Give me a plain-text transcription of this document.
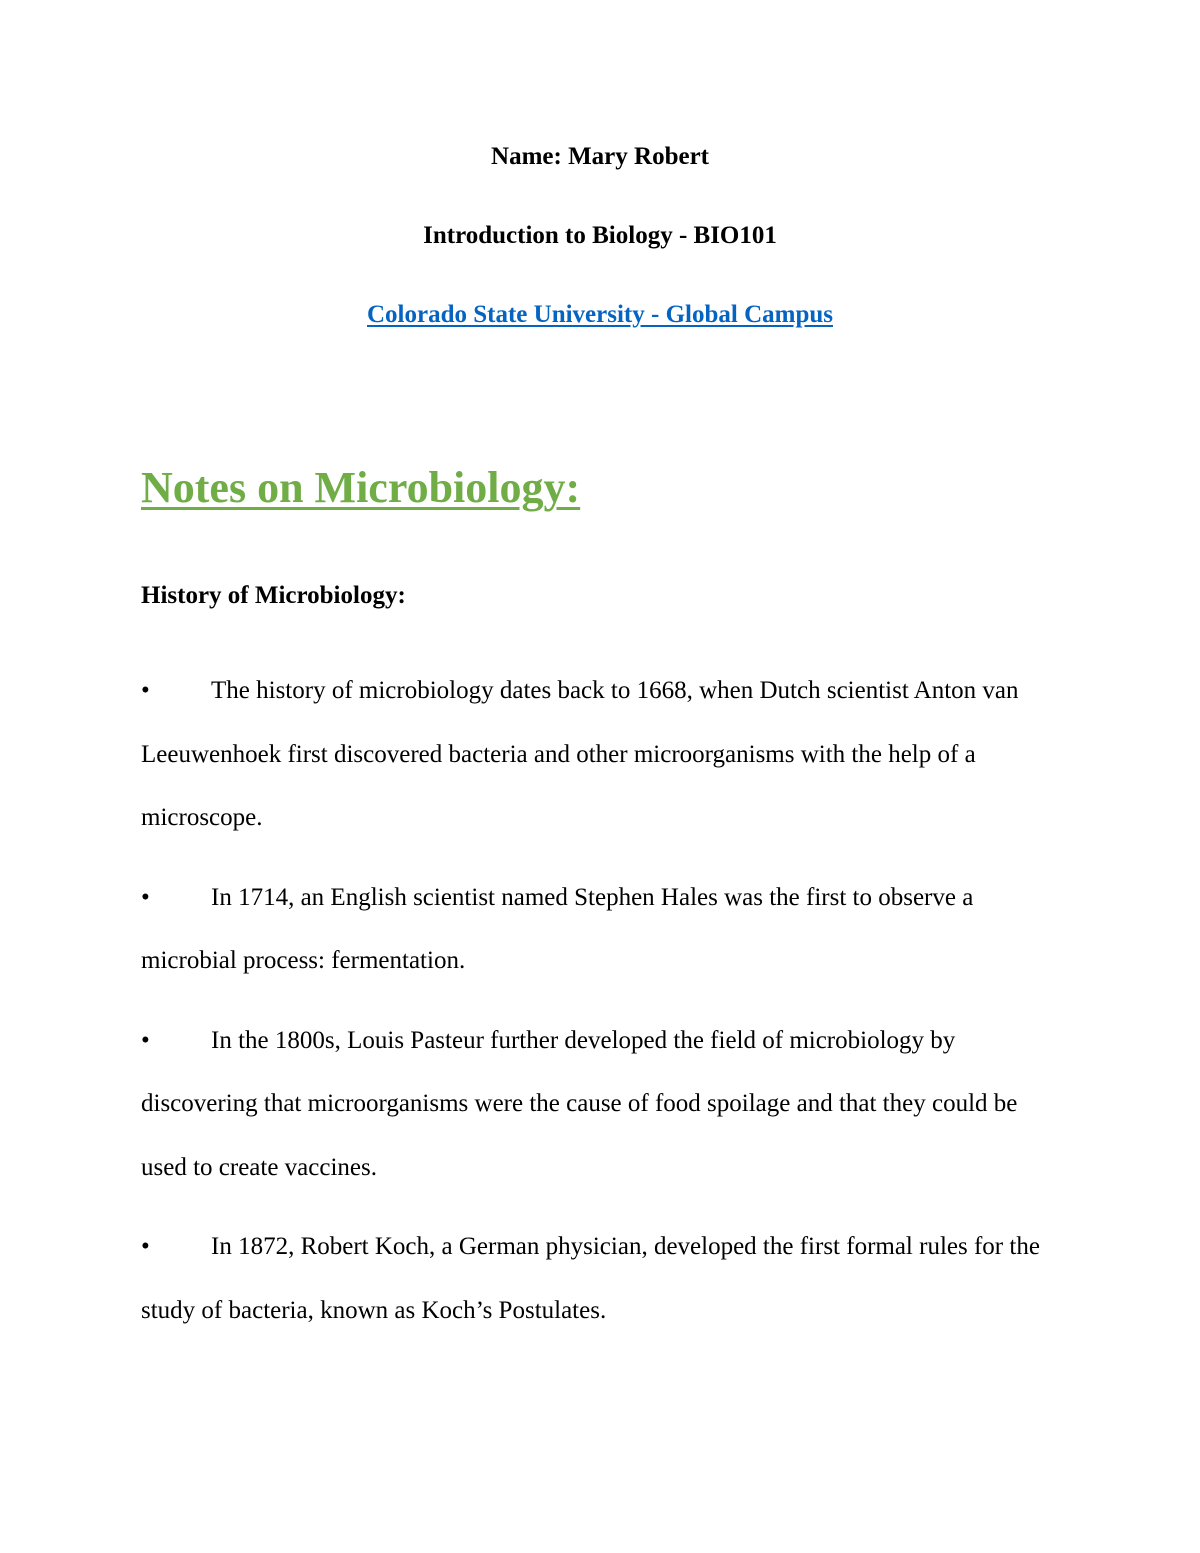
Name: Mary Robert
Introduction to Biology - BIO101
Colorado State University - Global Campus
Notes on Microbiology:
History of Microbiology:
• The history of microbiology dates back to 1668, when Dutch scientist Anton van Leeuwenhoek first discovered bacteria and other microorganisms with the help of a microscope.
• In 1714, an English scientist named Stephen Hales was the first to observe a microbial process: fermentation.
• In the 1800s, Louis Pasteur further developed the field of microbiology by discovering that microorganisms were the cause of food spoilage and that they could be used to create vaccines.
• In 1872, Robert Koch, a German physician, developed the first formal rules for the study of bacteria, known as Koch’s Postulates.
